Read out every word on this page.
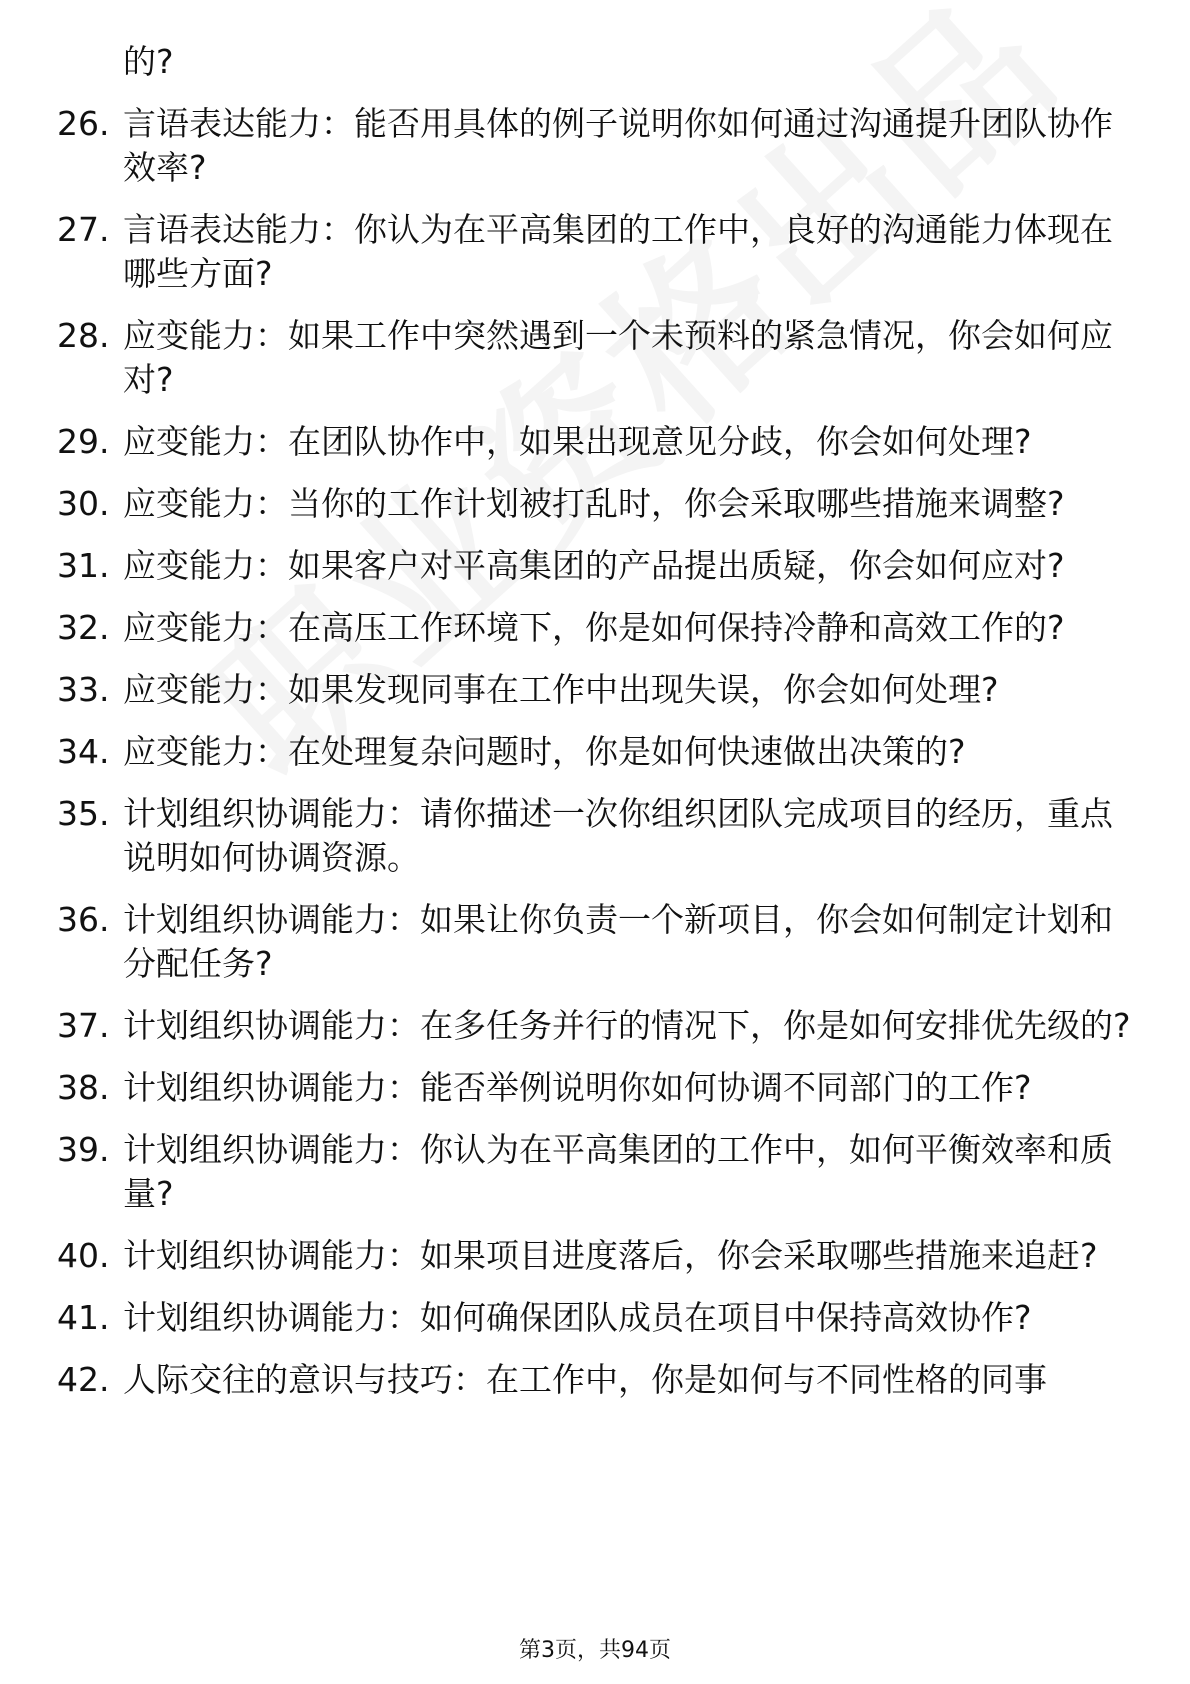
的?
26. 言语表达能力：能否用具体的例子说明你如何通过沟通提升团队协作效率?
27. 言语表达能力：你认为在平高集团的工作中，良好的沟通能力体现在哪些方面?
28. 应变能力：如果工作中突然遇到一个未预料的紧急情况，你会如何应对?
29. 应变能力：在团队协作中，如果出现意见分歧，你会如何处理?
30. 应变能力：当你的工作计划被打乱时，你会采取哪些措施来调整?
31. 应变能力：如果客户对平高集团的产品提出质疑，你会如何应对?
32. 应变能力：在高压工作环境下，你是如何保持冷静和高效工作的?
33. 应变能力：如果发现同事在工作中出现失误，你会如何处理?
34. 应变能力：在处理复杂问题时，你是如何快速做出决策的?
35. 计划组织协调能力：请你描述一次你组织团队完成项目的经历，重点说明如何协调资源。
36. 计划组织协调能力：如果让你负责一个新项目，你会如何制定计划和分配任务?
37. 计划组织协调能力：在多任务并行的情况下，你是如何安排优先级的?
38. 计划组织协调能力：能否举例说明你如何协调不同部门的工作?
39. 计划组织协调能力：你认为在平高集团的工作中，如何平衡效率和质量?
40. 计划组织协调能力：如果项目进度落后，你会采取哪些措施来追赶?
41. 计划组织协调能力：如何确保团队成员在项目中保持高效协作?
42. 人际交往的意识与技巧：在工作中，你是如何与不同性格的同事
第3页，共94页
